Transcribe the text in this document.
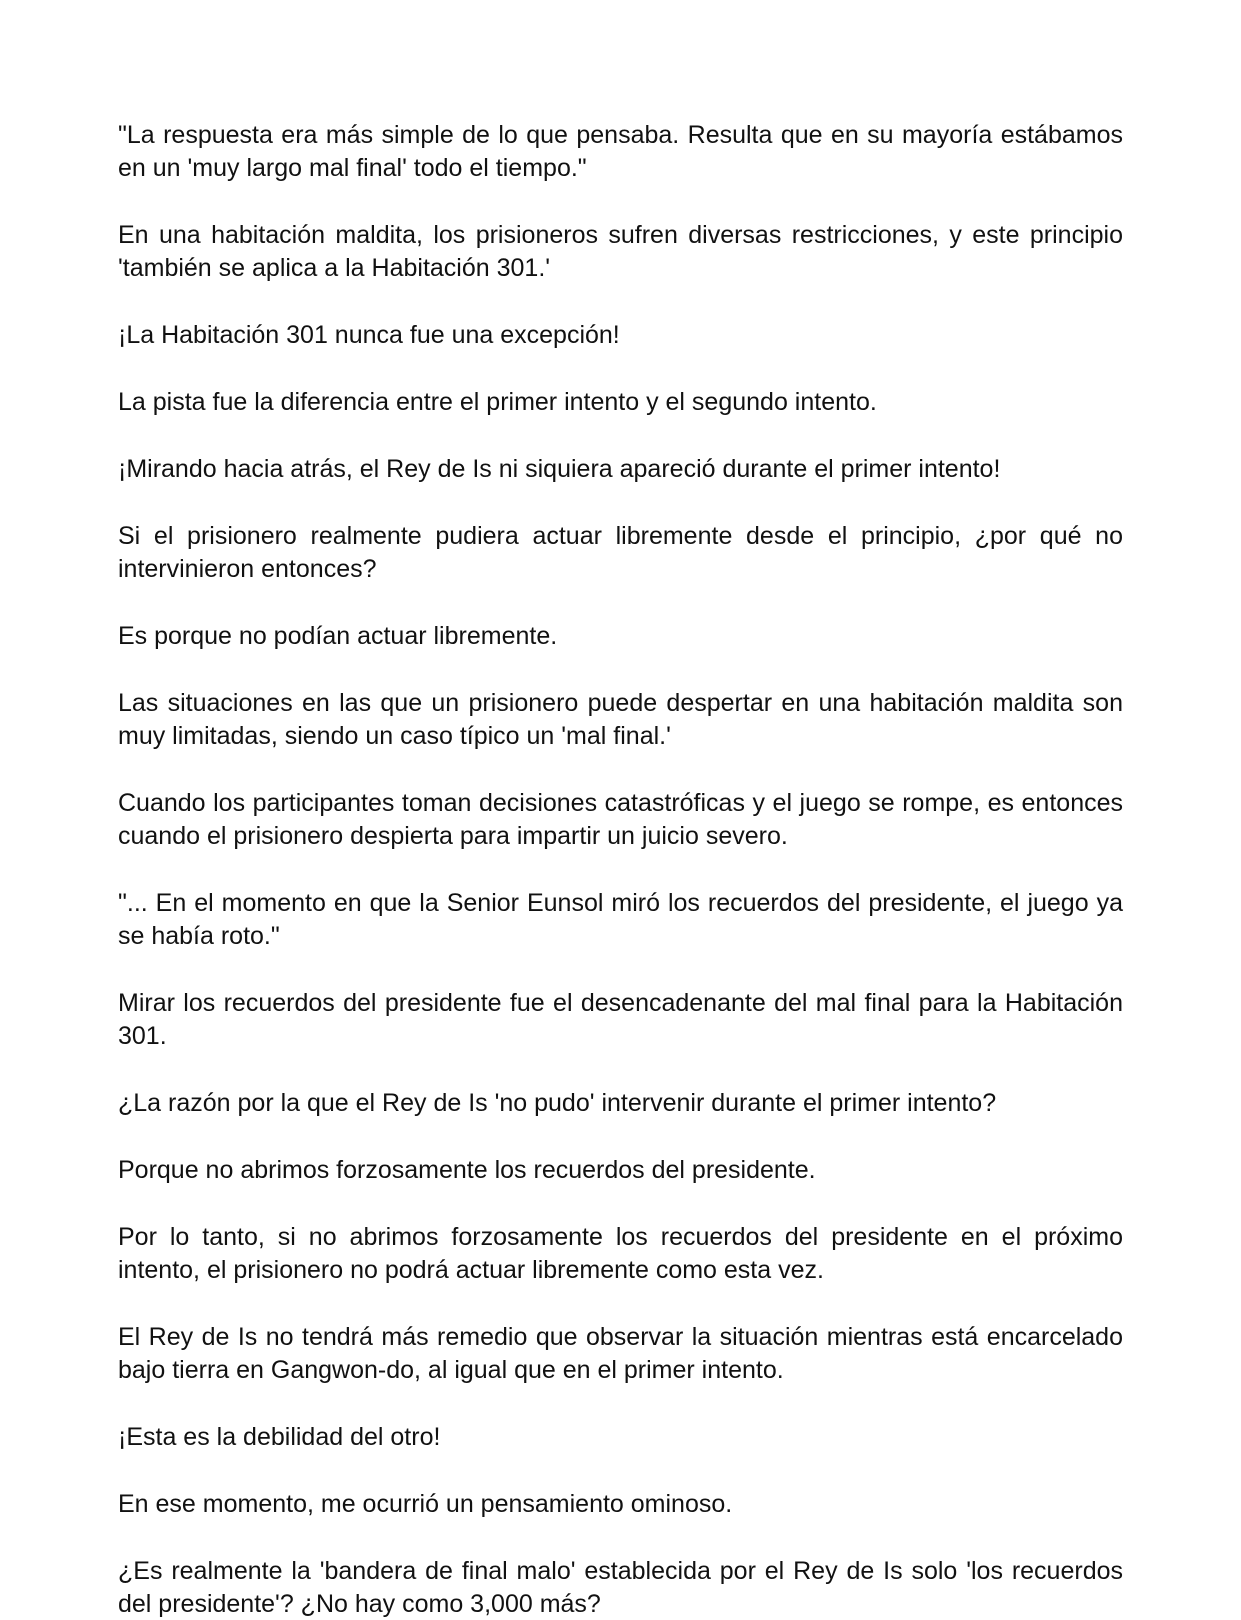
"La respuesta era más simple de lo que pensaba. Resulta que en su mayoría estábamos en un 'muy largo mal final' todo el tiempo."

En una habitación maldita, los prisioneros sufren diversas restricciones, y este principio 'también se aplica a la Habitación 301.'

¡La Habitación 301 nunca fue una excepción!

La pista fue la diferencia entre el primer intento y el segundo intento.

¡Mirando hacia atrás, el Rey de Is ni siquiera apareció durante el primer intento!

Si el prisionero realmente pudiera actuar libremente desde el principio, ¿por qué no intervinieron entonces?

Es porque no podían actuar libremente.

Las situaciones en las que un prisionero puede despertar en una habitación maldita son muy limitadas, siendo un caso típico un 'mal final.'

Cuando los participantes toman decisiones catastróficas y el juego se rompe, es entonces cuando el prisionero despierta para impartir un juicio severo.

"... En el momento en que la Senior Eunsol miró los recuerdos del presidente, el juego ya se había roto."

Mirar los recuerdos del presidente fue el desencadenante del mal final para la Habitación 301.

¿La razón por la que el Rey de Is 'no pudo' intervenir durante el primer intento?

Porque no abrimos forzosamente los recuerdos del presidente.

Por lo tanto, si no abrimos forzosamente los recuerdos del presidente en el próximo intento, el prisionero no podrá actuar libremente como esta vez.

El Rey de Is no tendrá más remedio que observar la situación mientras está encarcelado bajo tierra en Gangwon-do, al igual que en el primer intento.

¡Esta es la debilidad del otro!

En ese momento, me ocurrió un pensamiento ominoso.

¿Es realmente la 'bandera de final malo' establecida por el Rey de Is solo 'los recuerdos del presidente'? ¿No hay como 3,000 más?
